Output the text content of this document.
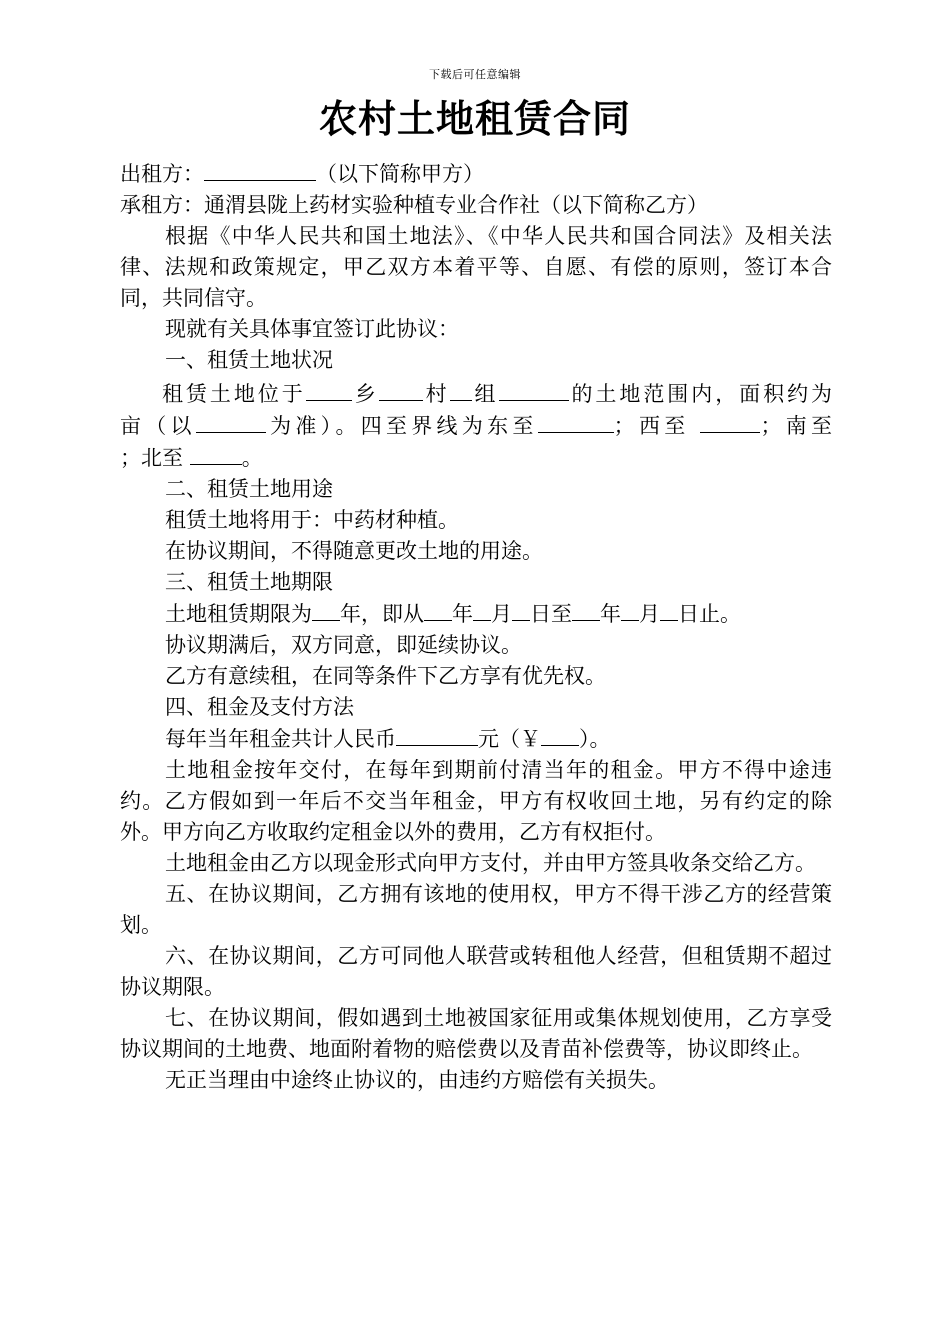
下载后可任意编辑
农村土地租赁合同

出租方：	（以下简称甲方）

承租方：通渭县陇上药材实验种植专业合作社（以下简称乙方）

根据《中华人民共和国土地法》、《中华人民共和国合同法》及相关法律、法规和政策规定，甲乙双方本着平等、自愿、有偿的原则，签订本合同，共同信守。

现就有关具体事宜签订此协议：

一、租赁土地状况

租赁土地位于 乡 村 组	的土地范围内，面积约为

亩（以	为准）。四至界线为东至	；西至	；南至

；北至	。

二、租赁土地用途

租赁土地将用于：中药材种植。

在协议期间，不得随意更改土地的用途。

三、租赁土地期限

土地租赁期限为 年，即从 年 月 日至 年 月 日止。

协议期满后，双方同意，即延续协议。

乙方有意续租，在同等条件下乙方享有优先权。

四、租金及支付方法

每年当年租金共计人民币	元（￥ ）。

土地租金按年交付，在每年到期前付清当年的租金。甲方不得中途违约。乙方假如到一年后不交当年租金，甲方有权收回土地，另有约定的除外。甲方向乙方收取约定租金以外的费用，乙方有权拒付。

土地租金由乙方以现金形式向甲方支付，并由甲方签具收条交给乙方。

五、在协议期间，乙方拥有该地的使用权，甲方不得干涉乙方的经营策划。

六、在协议期间，乙方可同他人联营或转租他人经营，但租赁期不超过协议期限。

七、在协议期间，假如遇到土地被国家征用或集体规划使用，乙方享受协议期间的土地费、地面附着物的赔偿费以及青苗补偿费等，协议即终止。

无正当理由中途终止协议的，由违约方赔偿有关损失。
